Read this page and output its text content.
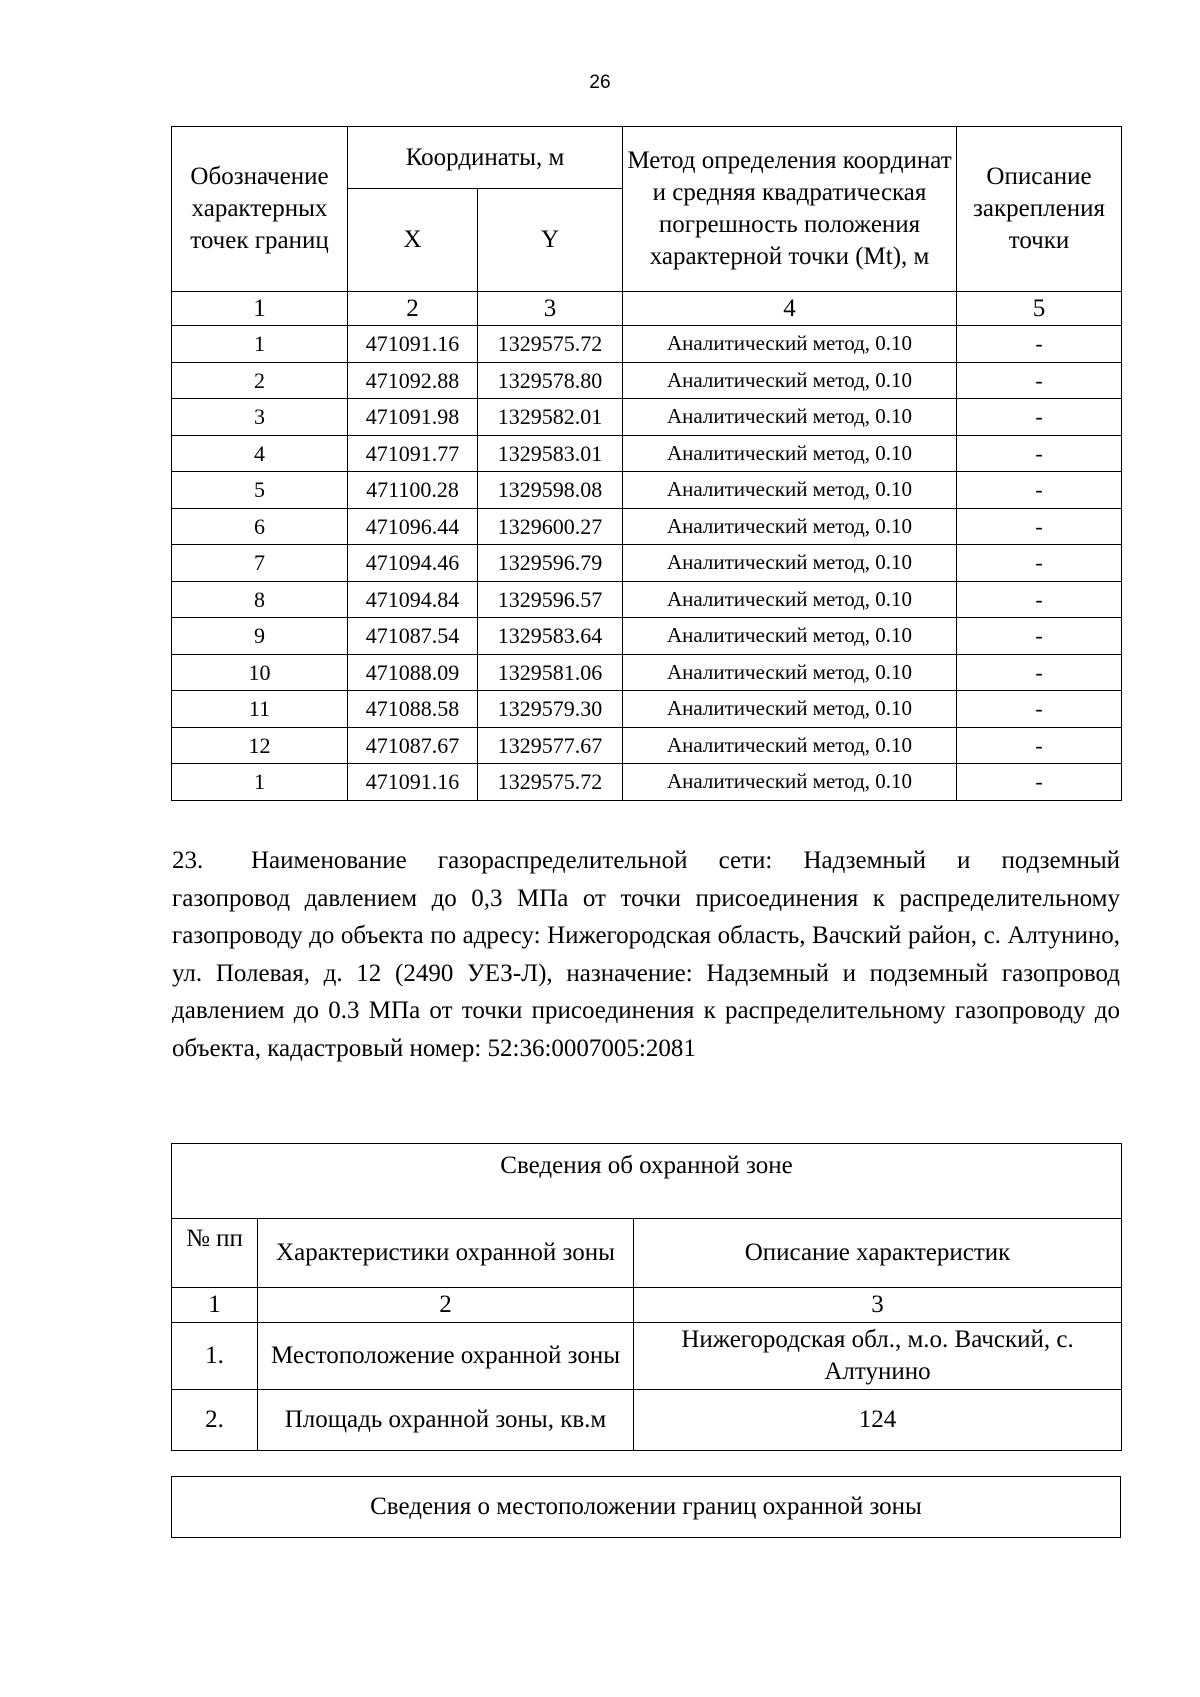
26
Обозначение характерных точек границ	Координаты, м		Метод определения координат и средняя квадратическая погрешность положения характерной точки (Mt), м	Описание закрепления точки
	X	Y		
1	2	3	4	5
1	471091.16	1329575.72	Аналитический метод, 0.10	-
2	471092.88	1329578.80	Аналитический метод, 0.10	-
3	471091.98	1329582.01	Аналитический метод, 0.10	-
4	471091.77	1329583.01	Аналитический метод, 0.10	-
5	471100.28	1329598.08	Аналитический метод, 0.10	-
6	471096.44	1329600.27	Аналитический метод, 0.10	-
7	471094.46	1329596.79	Аналитический метод, 0.10	-
8	471094.84	1329596.57	Аналитический метод, 0.10	-
9	471087.54	1329583.64	Аналитический метод, 0.10	-
10	471088.09	1329581.06	Аналитический метод, 0.10	-
11	471088.58	1329579.30	Аналитический метод, 0.10	-
12	471087.67	1329577.67	Аналитический метод, 0.10	-
1	471091.16	1329575.72	Аналитический метод, 0.10	-
23. Наименование газораспределительной сети: Надземный и подземный газопровод давлением до 0,3 МПа от точки присоединения к распределительному газопроводу до объекта по адресу: Нижегородская область, Вачский район, с. Алтунино, ул. Полевая, д. 12 (2490 УЕЗ-Л), назначение: Надземный и подземный газопровод давлением до 0.3 МПа от точки присоединения к распределительному газопроводу до объекта, кадастровый номер: 52:36:0007005:2081
Сведения об охранной зоне		
№ пп	Характеристики охранной зоны	Описание характеристик
1	2	3
1.	Местоположение охранной зоны	Нижегородская обл., м.о. Вачский, с. Алтунино
2.	Площадь охранной зоны, кв.м	124
Сведения о местоположении границ охранной зоны
